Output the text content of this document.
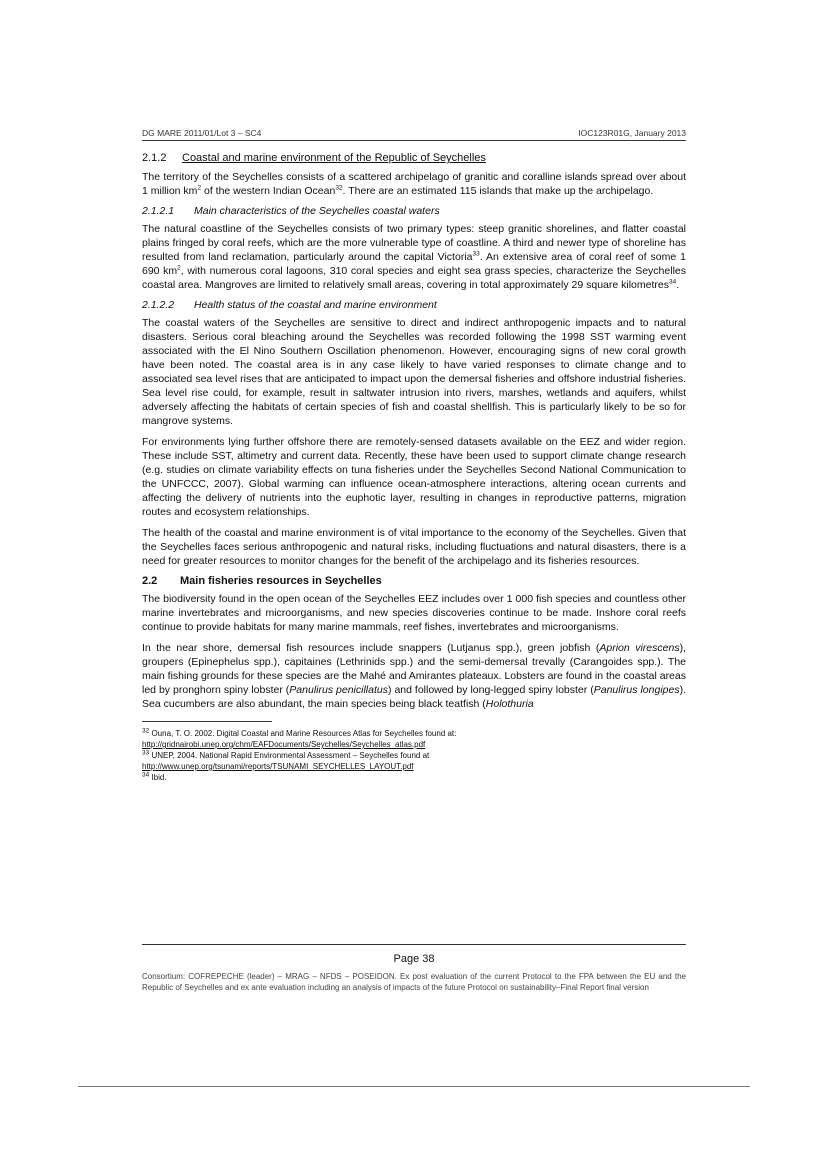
DG MARE 2011/01/Lot 3 – SC4	IOC123R01G, January 2013
2.1.2 Coastal and marine environment of the Republic of Seychelles

The territory of the Seychelles consists of a scattered archipelago of granitic and coralline islands spread over about 1 million $km^2$ of the western Indian Ocean$^{32}$. There are an estimated 115 islands that make up the archipelago.

2.1.2.1 Main characteristics of the Seychelles coastal waters

The natural coastline of the Seychelles consists of two primary types: steep granitic shorelines, and flatter coastal plains fringed by coral reefs, which are the more vulnerable type of coastline. A third and newer type of shoreline has resulted from land reclamation, particularly around the capital Victoria$^{33}$. An extensive area of coral reef of some 1 690 $km^2$, with numerous coral lagoons, 310 coral species and eight sea grass species, characterize the Seychelles coastal area. Mangroves are limited to relatively small areas, covering in total approximately 29 square kilometres$^{34}$.

2.1.2.2 Health status of the coastal and marine environment

The coastal waters of the Seychelles are sensitive to direct and indirect anthropogenic impacts and to natural disasters. Serious coral bleaching around the Seychelles was recorded following the 1998 SST warming event associated with the El Nino Southern Oscillation phenomenon. However, encouraging signs of new coral growth have been noted. The coastal area is in any case likely to have varied responses to climate change and to associated sea level rises that are anticipated to impact upon the demersal fisheries and offshore industrial fisheries. Sea level rise could, for example, result in saltwater intrusion into rivers, marshes, wetlands and aquifers, whilst adversely affecting the habitats of certain species of fish and coastal shellfish. This is particularly likely to be so for mangrove systems.

For environments lying further offshore there are remotely-sensed datasets available on the EEZ and wider region. These include SST, altimetry and current data. Recently, these have been used to support climate change research (e.g. studies on climate variability effects on tuna fisheries under the Seychelles Second National Communication to the UNFCCC, 2007). Global warming can influence ocean-atmosphere interactions, altering ocean currents and affecting the delivery of nutrients into the euphotic layer, resulting in changes in reproductive patterns, migration routes and ecosystem relationships.

The health of the coastal and marine environment is of vital importance to the economy of the Seychelles. Given that the Seychelles faces serious anthropogenic and natural risks, including fluctuations and natural disasters, there is a need for greater resources to monitor changes for the benefit of the archipelago and its fisheries resources.

2.2 Main fisheries resources in Seychelles

The biodiversity found in the open ocean of the Seychelles EEZ includes over 1 000 fish species and countless other marine invertebrates and microorganisms, and new species discoveries continue to be made. Inshore coral reefs continue to provide habitats for many marine mammals, reef fishes, invertebrates and microorganisms.

In the near shore, demersal fish resources include snappers (Lutjanus spp.), green jobfish (Aprion virescens), groupers (Epinephelus spp.), capitaines (Lethrinids spp.) and the semi-demersal trevally (Carangoides spp.). The main fishing grounds for these species are the Mahé and Amirantes plateaux. Lobsters are found in the coastal areas led by pronghorn spiny lobster (Panulirus penicillatus) and followed by long-legged spiny lobster (Panulirus longipes). Sea cucumbers are also abundant, the main species being black teatfish (Holothuria

$^{32}$ Ouna, T. O. 2002. Digital Coastal and Marine Resources Atlas for Seychelles found at:
http://gridnairobi.unep.org/chm/EAFDocuments/Seychelles/Seychelles_atlas.pdf
$^{33}$ UNEP, 2004. National Rapid Environmental Assessment – Seychelles found at
http://www.unep.org/tsunami/reports/TSUNAMI_SEYCHELLES_LAYOUT.pdf
$^{34}$ Ibid.
Page 38
Consortium: COFREPECHE (leader) – MRAG – NFDS – POSEIDON. Ex post evaluation of the current Protocol to the FPA between the EU and the Republic of Seychelles and ex ante evaluation including an analysis of impacts of the future Protocol on sustainability–Final Report final version
